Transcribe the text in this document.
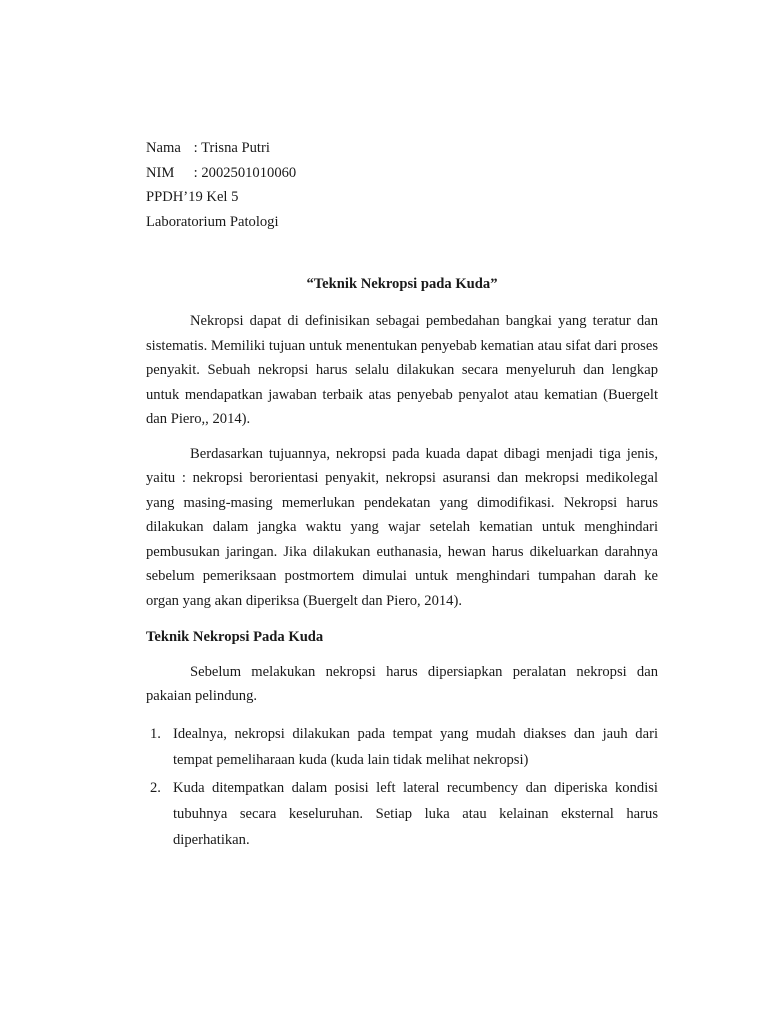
Nama : Trisna Putri
NIM : 2002501010060
PPDH’19 Kel 5
Laboratorium Patologi
“Teknik Nekropsi pada Kuda”

Nekropsi dapat di definisikan sebagai pembedahan bangkai yang teratur dan sistematis. Memiliki tujuan untuk menentukan penyebab kematian atau sifat dari proses penyakit. Sebuah nekropsi harus selalu dilakukan secara menyeluruh dan lengkap untuk mendapatkan jawaban terbaik atas penyebab penyalot atau kematian (Buergelt dan Piero,, 2014).

Berdasarkan tujuannya, nekropsi pada kuada dapat dibagi menjadi tiga jenis, yaitu : nekropsi berorientasi penyakit, nekropsi asuransi dan mekropsi medikolegal yang masing-masing memerlukan pendekatan yang dimodifikasi. Nekropsi harus dilakukan dalam jangka waktu yang wajar setelah kematian untuk menghindari pembusukan jaringan. Jika dilakukan euthanasia, hewan harus dikeluarkan darahnya sebelum pemeriksaan postmortem dimulai untuk menghindari tumpahan darah ke organ yang akan diperiksa (Buergelt dan Piero, 2014).

Teknik Nekropsi Pada Kuda

Sebelum melakukan nekropsi harus dipersiapkan peralatan nekropsi dan pakaian pelindung.

1. Idealnya, nekropsi dilakukan pada tempat yang mudah diakses dan jauh dari tempat pemeliharaan kuda (kuda lain tidak melihat nekropsi)
2. Kuda ditempatkan dalam posisi left lateral recumbency dan diperiska kondisi tubuhnya secara keseluruhan. Setiap luka atau kelainan eksternal harus diperhatikan.
